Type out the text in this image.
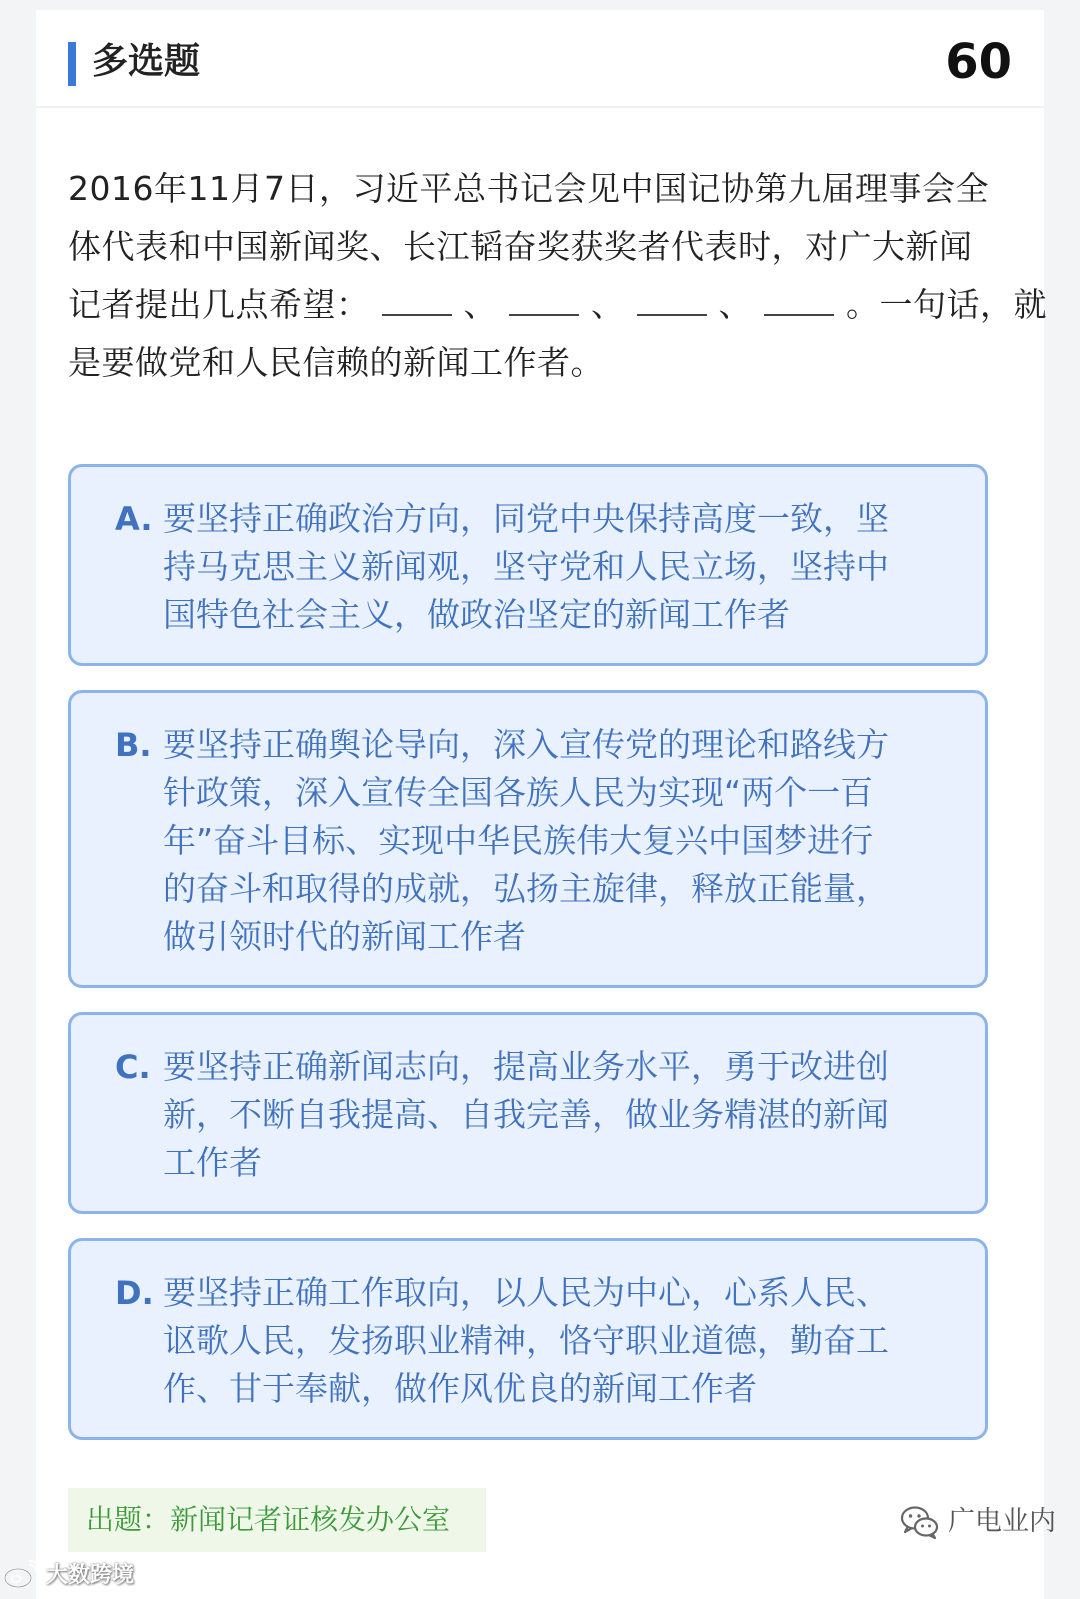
多选题	60

2016年11月7日，习近平总书记会见中国记协第九届理事会全

体代表和中国新闻奖、长江韬奋奖获奖者代表时，对广大新闻

记者提出几点希望：	、	、	、	。一句话，就

是要做党和人民信赖的新闻工作者。

A. 要坚持正确政治方向，同党中央保持高度一致，坚

持马克思主义新闻观，坚守党和人民立场，坚持中

国特色社会主义，做政治坚定的新闻工作者

B. 要坚持正确舆论导向，深入宣传党的理论和路线方

针政策，深入宣传全国各族人民为实现“两个一百

年”奋斗目标、实现中华民族伟大复兴中国梦进行

的奋斗和取得的成就，弘扬主旋律，释放正能量，

做引领时代的新闻工作者

C. 要坚持正确新闻志向，提高业务水平，勇于改进创

新，不断自我提高、自我完善，做业务精湛的新闻

工作者

D. 要坚持正确工作取向，以人民为中心，心系人民、

讴歌人民，发扬职业精神，恪守职业道德，勤奋工

作、甘于奉献，做作风优良的新闻工作者

出题：新闻记者证核发办公室	广电业内
大数跨境
